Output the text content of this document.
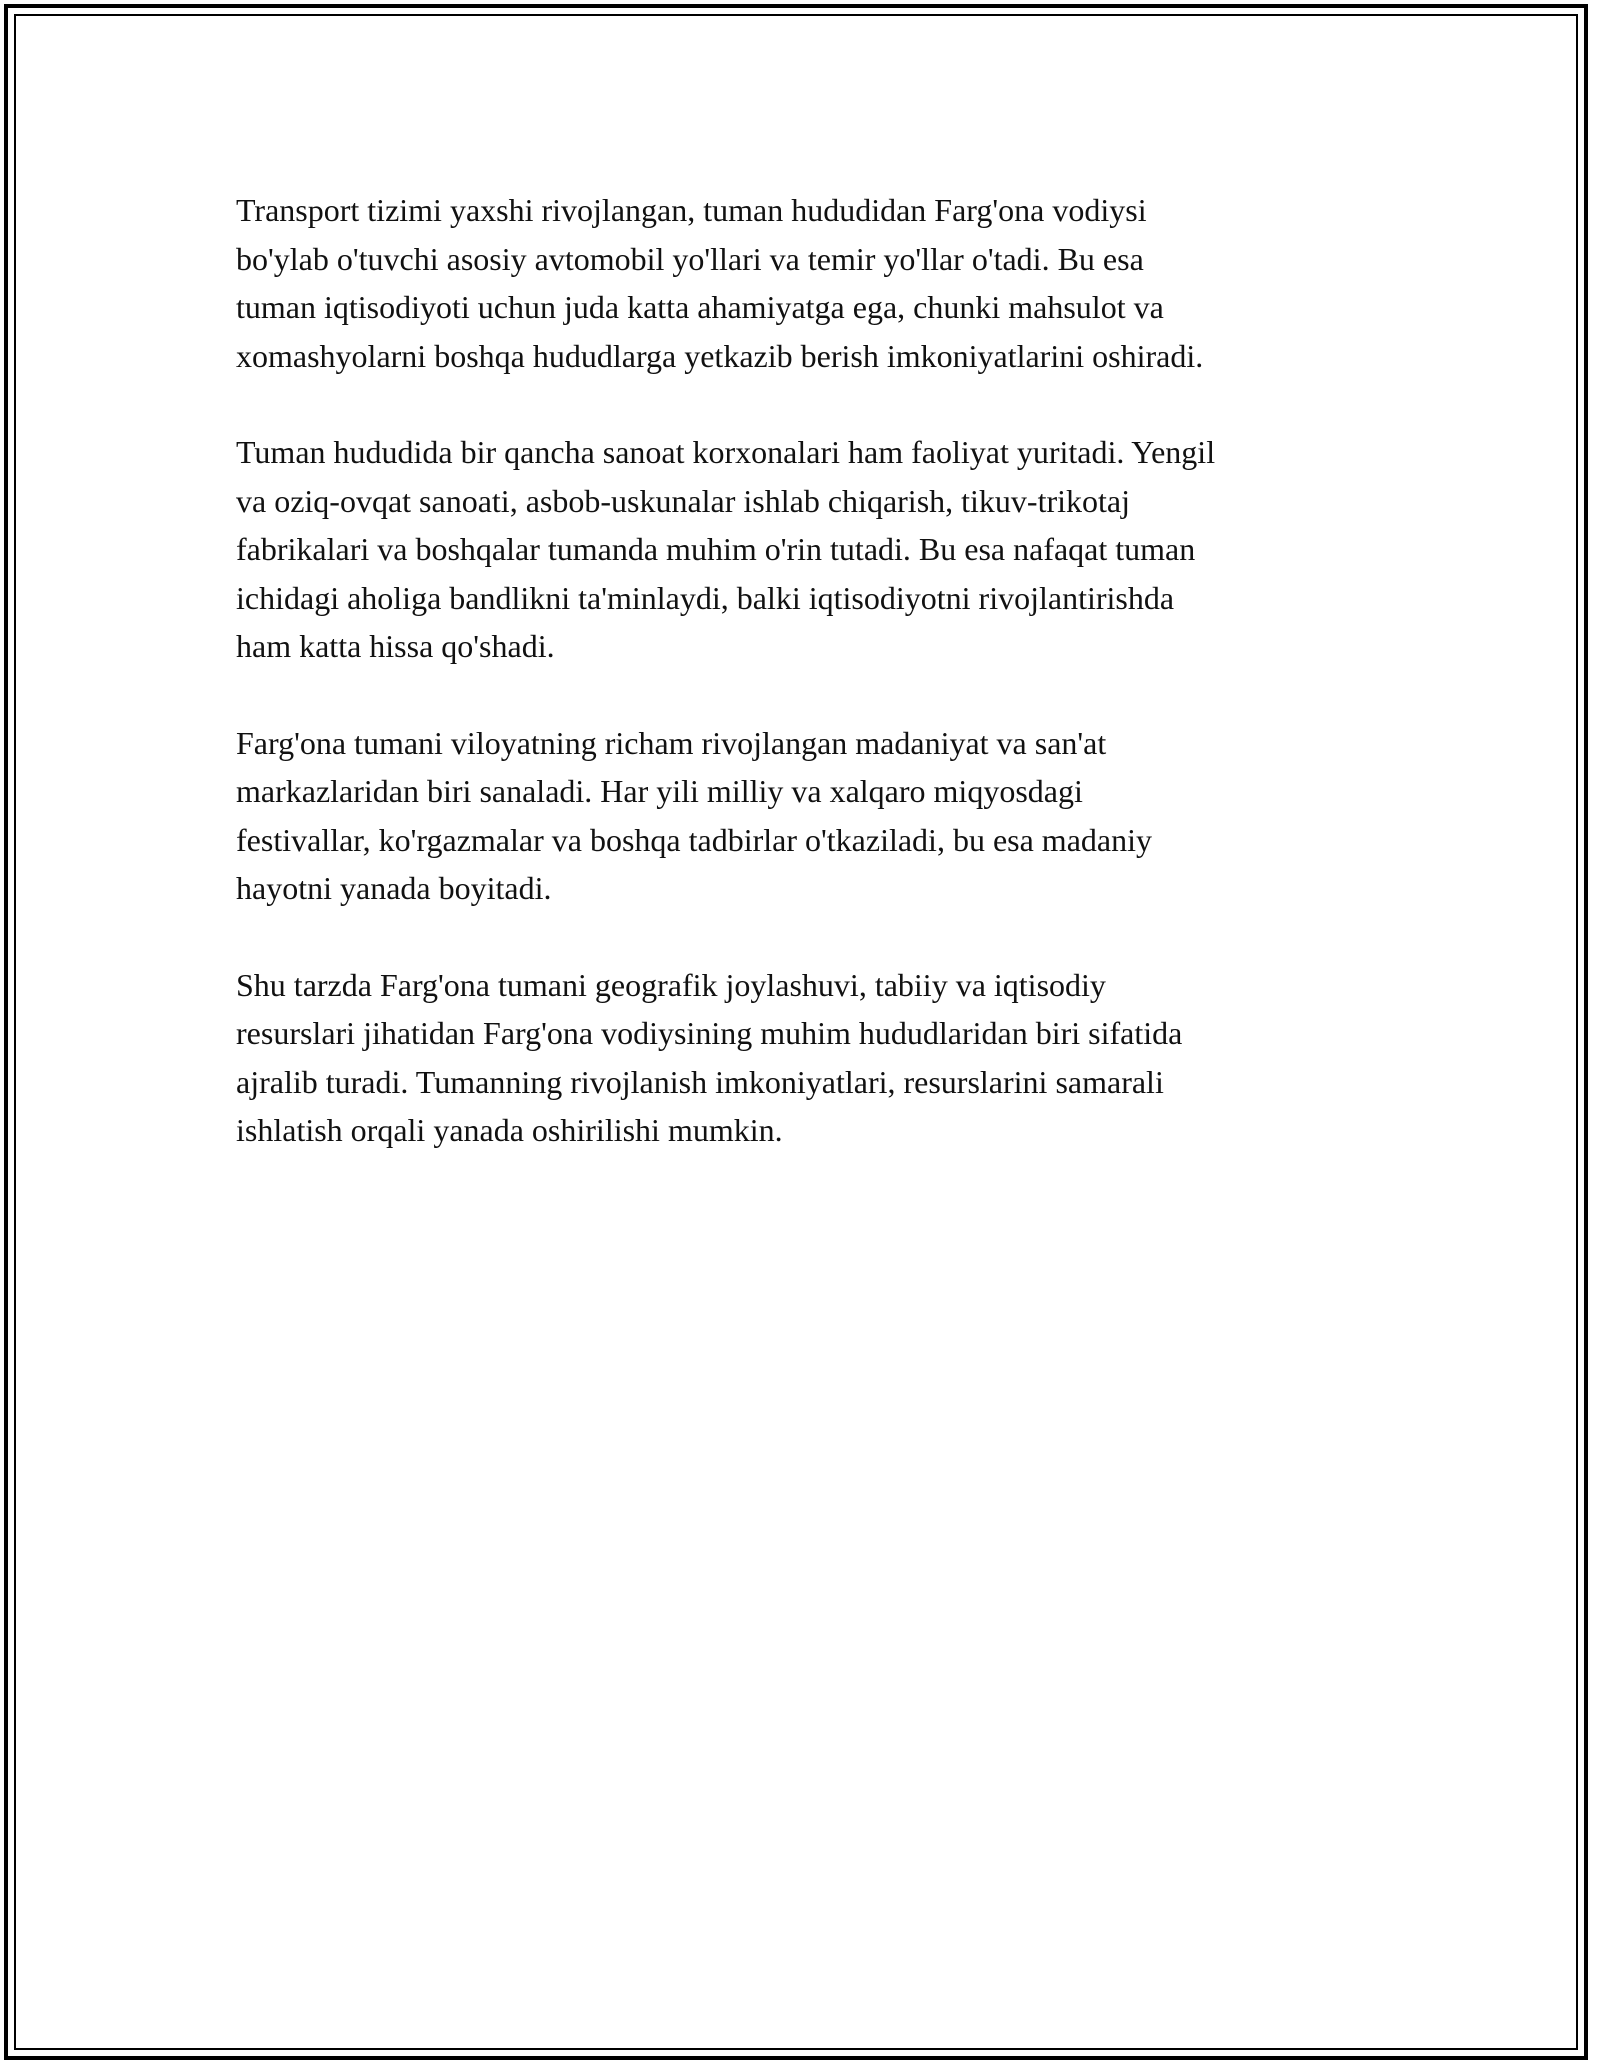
Transport tizimi yaxshi rivojlangan, tuman hududidan Farg'ona vodiysi
bo'ylab o'tuvchi asosiy avtomobil yo'llari va temir yo'llar o'tadi. Bu esa
tuman iqtisodiyoti uchun juda katta ahamiyatga ega, chunki mahsulot va
xomashyolarni boshqa hududlarga yetkazib berish imkoniyatlarini oshiradi.

Tuman hududida bir qancha sanoat korxonalari ham faoliyat yuritadi. Yengil
va oziq-ovqat sanoati, asbob-uskunalar ishlab chiqarish, tikuv-trikotaj
fabrikalari va boshqalar tumanda muhim o'rin tutadi. Bu esa nafaqat tuman
ichidagi aholiga bandlikni ta'minlaydi, balki iqtisodiyotni rivojlantirishda
ham katta hissa qo'shadi.

Farg'ona tumani viloyatning richam rivojlangan madaniyat va san'at
markazlaridan biri sanaladi. Har yili milliy va xalqaro miqyosdagi
festivallar, ko'rgazmalar va boshqa tadbirlar o'tkaziladi, bu esa madaniy
hayotni yanada boyitadi.

Shu tarzda Farg'ona tumani geografik joylashuvi, tabiiy va iqtisodiy
resurslari jihatidan Farg'ona vodiysining muhim hududlaridan biri sifatida
ajralib turadi. Tumanning rivojlanish imkoniyatlari, resurslarini samarali
ishlatish orqali yanada oshirilishi mumkin.
